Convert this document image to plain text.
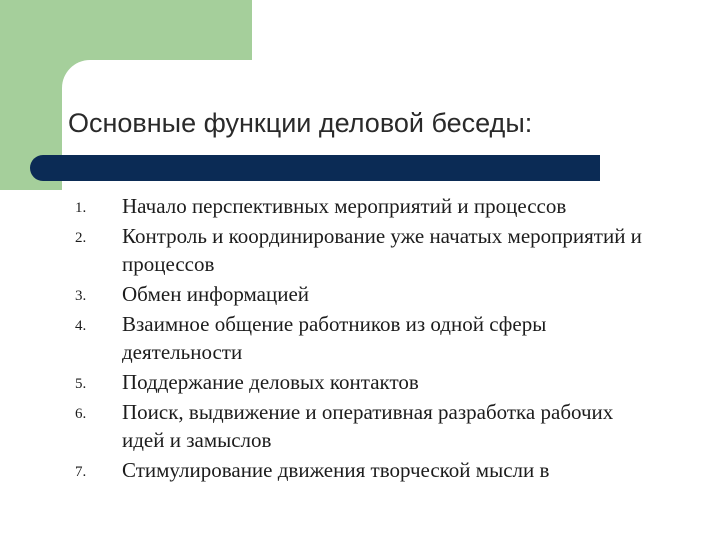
Основные функции деловой беседы:
1. Начало перспективных мероприятий и процессов
2. Контроль и координирование уже начатых мероприятий и процессов
3. Обмен информацией
4. Взаимное общение работников из одной сферы деятельности
5. Поддержание деловых контактов
6. Поиск, выдвижение и оперативная разработка рабочих идей и замыслов
7. Стимулирование движения творческой мысли в
